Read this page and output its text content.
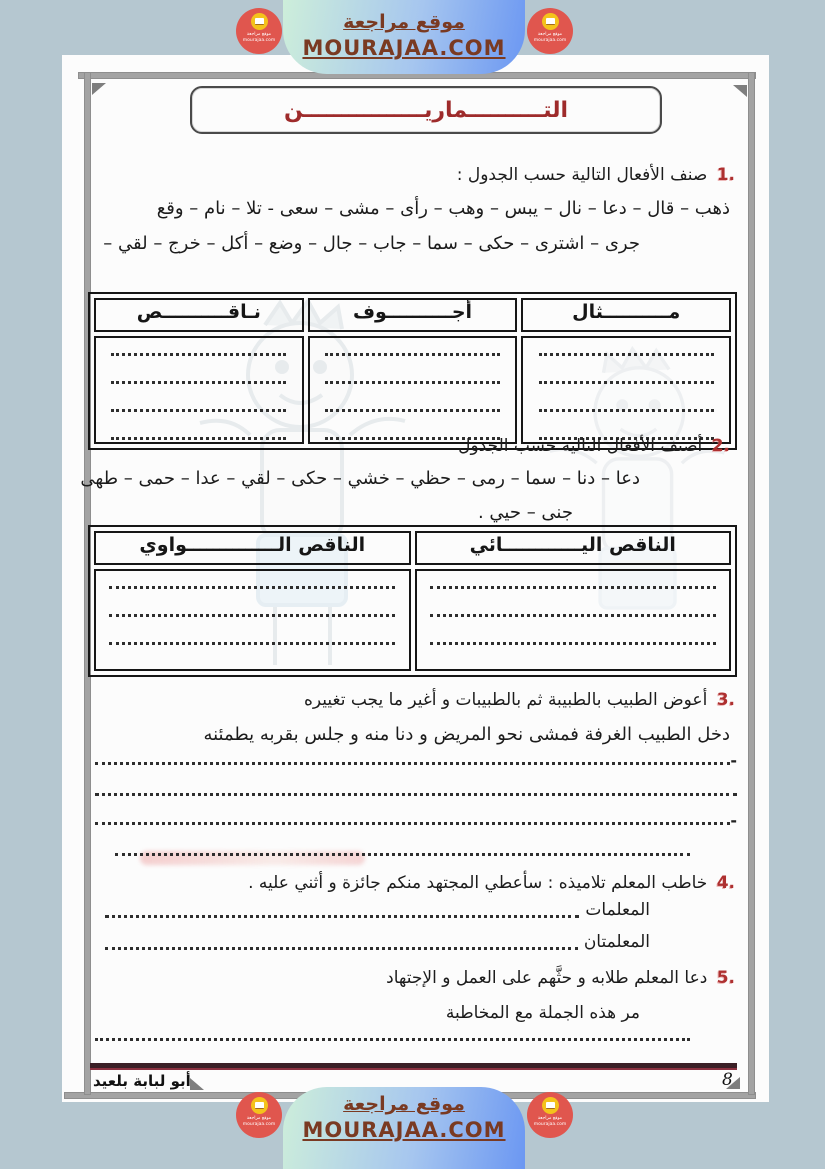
موقع مراجعة
MOURAJAA.COM
موقع مراجعة
mourajaa.com
موقع مراجعة
mourajaa.com
التــــــــــماريــــــــــــــــن
1. صنف الأفعال التالية حسب الجدول :
ذهب – قال – دعا – نال – يبس – وهب – رأى – مشى – سعى - تلا – نام – وقع
جرى – اشترى – حكى – سما – جاب – جال – وضع – أكل – خرج – لقي –
مــــــــــثال	أجــــــــــوف	نـاقــــــــــص

2. أصنف الأفعال التالية حسب الجدول
دعا – دنا – سما – رمى – حظي – خشي – حكى – لقي – عدا – حمى – طهى
جنى – حيي .
الناقص اليــــــــــــائي	الناقص الــــــــــــــواوي

3. أعوض الطبيب بالطبيبة ثم بالطبيبات و أغير ما يجب تغييره
دخل الطبيب الغرفة فمشى نحو المريض و دنا منه و جلس بقربه يطمئنه
-
-
4. خاطب المعلم تلاميذه : سأعطي المجتهد منكم جائزة و أثني عليه .
المعلمات
المعلمتان
5. دعا المعلم طلابه و حثَّهم على العمل و الإجتهاد
مر هذه الجملة مع المخاطبة
أبو لبابة بلعيد	8
موقع مراجعة
MOURAJAA.COM
موقع مراجعة
mourajaa.com
موقع مراجعة
mourajaa.com
